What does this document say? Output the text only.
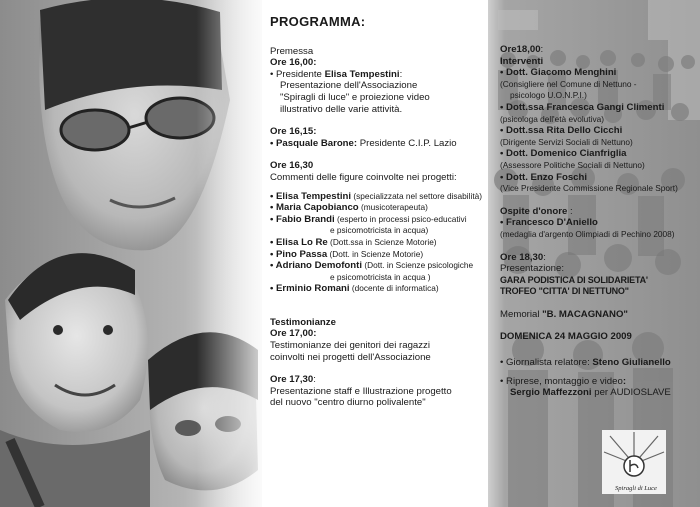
PROGRAMMA:

Premessa

Ore 16,00:

• Presidente Elisa Tempestini:

Presentazione dell'Associazione

"Spiragli di luce" e proiezione video

illustrativo delle varie attività.

Ore 16,15:

• Pasquale Barone: Presidente C.I.P. Lazio

Ore 16,30

Commenti delle figure coinvolte nei progetti:

• Elisa Tempestini (specializzata nel settore disabilità)

• Maria Capobianco (musicoterapeuta)

• Fabio Brandi (esperto in processi psico-educativi

e psicomotricista in acqua)

• Elisa Lo Re (Dott.ssa in Scienze Motorie)

• Pino Passa (Dott. in Scienze Motorie)

• Adriano Demofonti (Dott. in Scienze psicologiche

e psicomotricista in acqua )

• Erminio Romani (docente di informatica)

Testimonianze

Ore 17,00:

Testimonianze dei genitori dei ragazzi

coinvolti nei progetti dell'Associazione

Ore 17,30:

Presentazione staff e Illustrazione progetto

del nuovo "centro diurno polivalente"

Ore18,00:

Interventi

• Dott. Giacomo Menghini

(Consigliere nel Comune di Nettuno -

psicologo U.O.N.P.I.)

• Dott.ssa Francesca Gangi Climenti

(psicologa dell'età evolutiva)

• Dott.ssa Rita Dello Cicchi

(Dirigente Servizi Sociali di Nettuno)

• Dott. Domenico Cianfriglia

(Assessore Politiche Sociali di Nettuno)

• Dott. Enzo Foschi

(Vice Presidente Commissione Regionale Sport)

Ospite d'onore :

• Francesco D'Aniello

(medaglia d'argento Olimpiadi di Pechino 2008)

Ore 18,30:

Presentazione:

GARA PODISTICA DI SOLIDARIETA'

TROFEO "CITTA' DI NETTUNO"

Memorial "B. MACAGNANO"

DOMENICA 24 MAGGIO 2009

• Giornalista relatore: Steno Giulianello

• Riprese, montaggio e video:

Sergio Maffezzoni per AUDIOSLAVE

Spiragli di Luce
